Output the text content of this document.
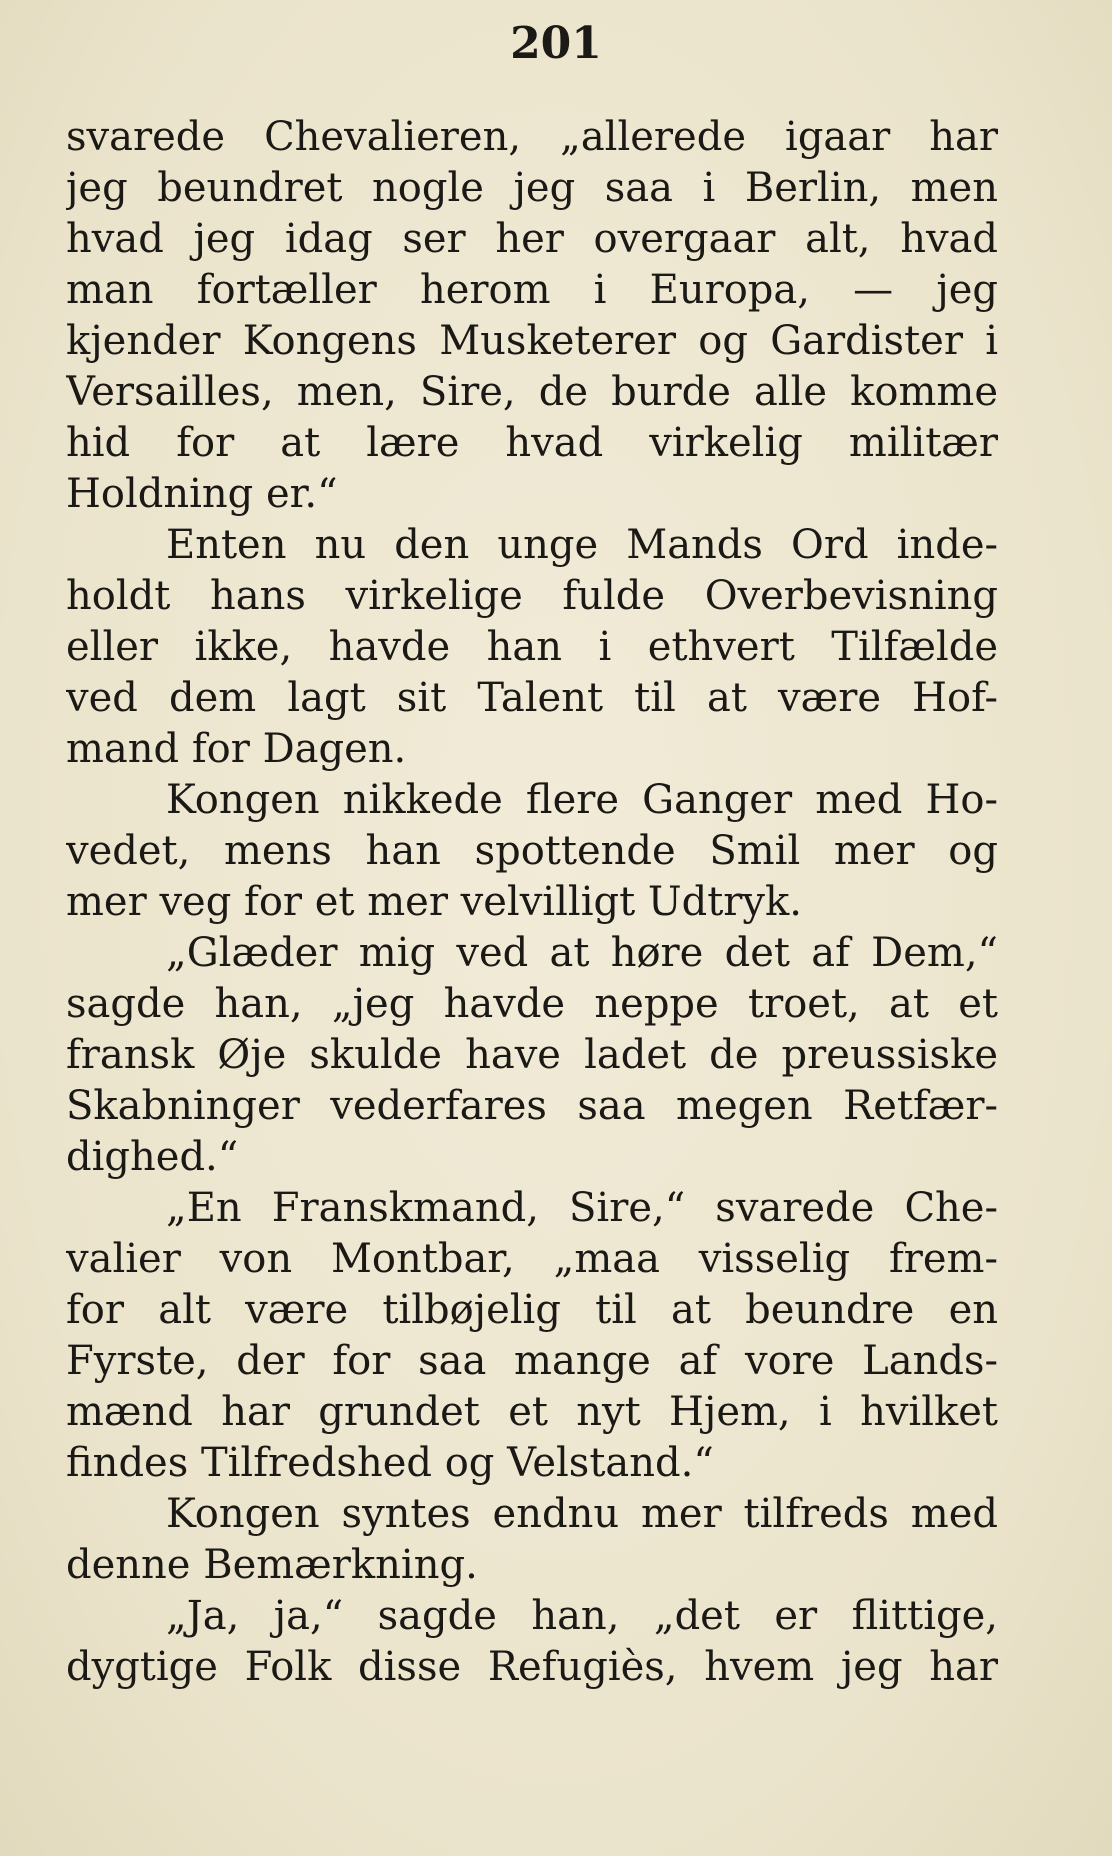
201
svarede Chevalieren, „allerede igaar har
jeg beundret nogle jeg saa i Berlin, men
hvad jeg idag ser her overgaar alt, hvad
man fortæller herom i Europa, — jeg
kjender Kongens Musketerer og Gardister i
Versailles, men, Sire, de burde alle komme
hid for at lære hvad virkelig militær
Holdning er.“
Enten nu den unge Mands Ord inde-
holdt hans virkelige fulde Overbevisning
eller ikke, havde han i ethvert Tilfælde
ved dem lagt sit Talent til at være Hof-
mand for Dagen.
Kongen nikkede flere Ganger med Ho-
vedet, mens han spottende Smil mer og
mer veg for et mer velvilligt Udtryk.
„Glæder mig ved at høre det af Dem,“
sagde han, „jeg havde neppe troet, at et
fransk Øje skulde have ladet de preussiske
Skabninger vederfares saa megen Retfær-
dighed.“
„En Franskmand, Sire,“ svarede Che-
valier von Montbar, „maa visselig frem-
for alt være tilbøjelig til at beundre en
Fyrste, der for saa mange af vore Lands-
mænd har grundet et nyt Hjem, i hvilket
findes Tilfredshed og Velstand.“
Kongen syntes endnu mer tilfreds med
denne Bemærkning.
„Ja, ja,“ sagde han, „det er flittige,
dygtige Folk disse Refugiès, hvem jeg har
